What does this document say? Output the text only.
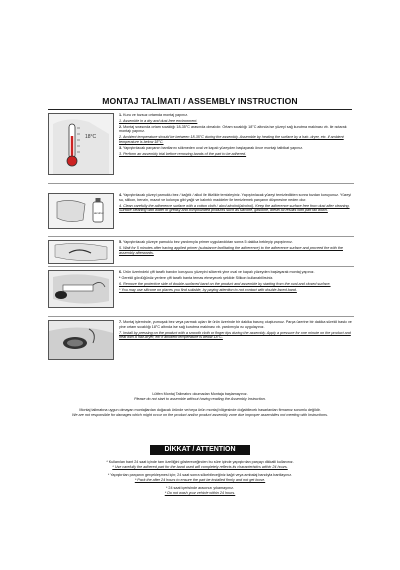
MONTAJ TALİMATI / ASSEMBLY INSTRUCTION
18°C

1. Kuru ve tozsuz ortamda montaj yapınız.

1. Assemble in a dry and dust-free environment.

2. Montaj sırasında ortam sıcaklığı 18-35°C arasında olmalıdır. Ortam sıcaklığı 18°C altında ise yüzeyi sağ kurutma makinası vb. ile ısıtarak montajı yapınız.

2. Ambient temperature should be between 18-35°C during the assembly. Assemble by heating the surface by a hair- dryer, etc. if ambient temperature is below 18°C.

3. Yapıştırılacak parçanın bantlarını sökmeden oval ve kapalı yüzeyden başlayarak önce montajı tatbikat yapınız.

3. Perform an assembly trial before removing bands of the part to be adhered.

alcohol

4. Yapıştırılacak yüzeyi pamuklu bez / kağıtlı / alkol ile iltizlikle temizleyiniz. Yapıştırılacak yüzeyi temizledikten sonra tozdan koruyunuz. Yüzeyi su, silikon, benzin, mazot ve kolonya gibi yağlı ve kalıntılı maddeler ile temizlemek parçanın düşmesine neden olur.

4. Clean carefully the adherence surface with a cotton cloth / alcol alcohol(alcohol). Keep the adherence surface free from dust after cleaning. Surface cleaning with water or greasy and compounded products such as silicone, gasoline, diesel oil results with part fall down.

5. Yapıştırılacak yüzeye pamuklu bez yardımıyla primer uygulandıktan sonra 5 dakika bekleyip yapıştırınız.

5. Wait for 5 minutes after having applied primer (substance facilitating the adherence) to the adherence surface and proceed the with the assembly afterwards.

6. Ürün üzerindeki çift taraflı bandın koruyucu yüzeyini sökerek yine oval ve kapalı yüzeyden başlayarak montaj yapınız.

* Gerekli gördüğünüz yerlere çift taraflı banta temas etmeyecek şekilde Silikon kullanabilirsiniz.

6. Remove the protective side of double-surfaced band on the product and assemble by starting from the oval and closed surface.

* You may use silicone on places you find suitable, by paying attention to not contact with double-faced band.

7. Montaj işleminde, yumuşak bez veya parmak uçları ile ürün üzerinde bir dakika basınç oluşturunuz. Parça üzerine bir dakika sürekli baskı ve yine ortam sıcaklığı 18°C altında ise sağ kurutma makinası vb. yardımıyla ısı uygulayınız.

7. Install by pressing on the product with a smooth cloth or finger tips during the assembly. Apply a pressure for one minute on the product and heat with a hair-dryer, etc if ambient temperature is below 18°C.

Lütfen Montaj Talimatını okumadan Montaja başlamayınız.

Please do not start to assemble without having reading the Assembly Instruction.

Montaj talimatına uygun olmayan montajlardan doğacak üründe ve/veya ürün montaj bölgesinde doğabilecek hasarlardan firmamız sorumlu değildir.

We are not responsible for damages which might occur on the product and/or product assembly zone due improper assemblies not meeting with Instructions.

DİKKAT / ATTENTION

* Kullanılan bant 24 saat içinde tam özelliğini göstereceğinden bu süre içinde yapıştırılan parçayı dikkatli kullanınız.

* Use carefully the adhered part for the band used will completely reflects its characteristics within 24 hours.

* Yapıştırılan parçanın gerçekleşmesi için; 24 saat sonra sökebileceğiniz kağıt veya ambalaj bandıyla bantlayınız.

* Pack the after 24 hours to ensure the part be installed firmly and not get loose.

* 24 saat içerisinde aracınızı yıkamayınız.

* Do not wash your vehicle within 24 hours.
